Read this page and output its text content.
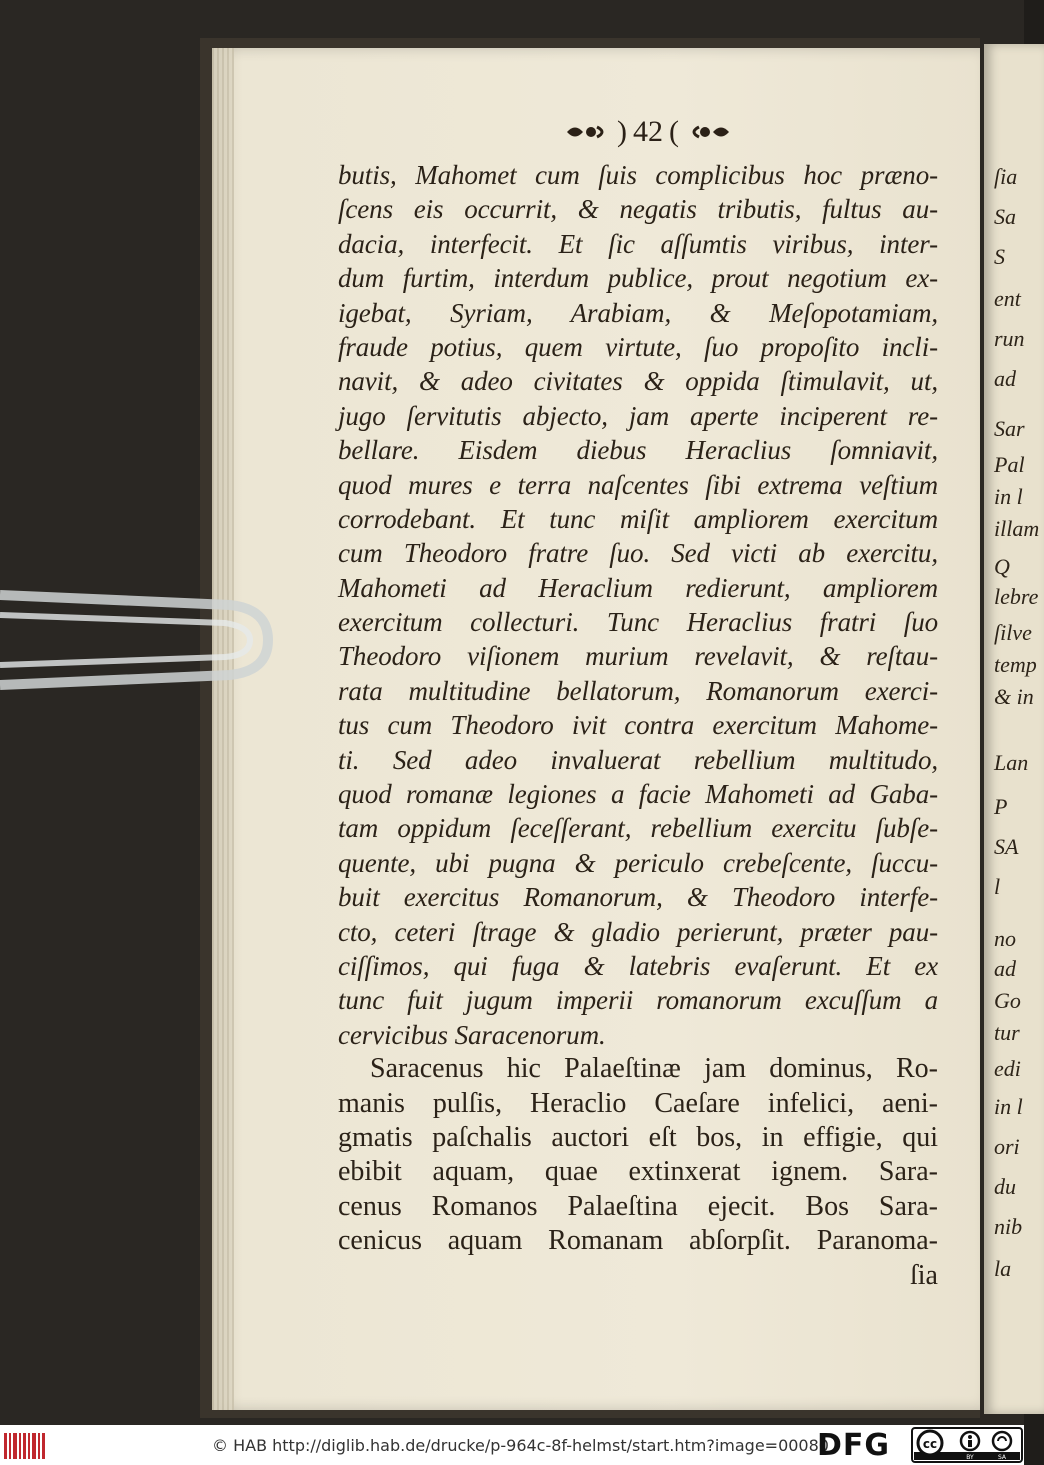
ſia
Sa
S
ent
run
ad
Sar
Pal
in l
illam
Q
lebre
ſilve
temp
& in
Lan
P
SA
l
no
ad
Go
tur
edi
in l
ori
du
nib
la
) 42 (
butis, Mahomet cum ſuis complicibus hoc præno-
ſcens eis occurrit, & negatis tributis, fultus au-
dacia, interfecit. Et ſic aſſumtis viribus, inter-
dum furtim, interdum publice, prout negotium ex-
igebat, Syriam, Arabiam, & Meſopotamiam,
fraude potius, quem virtute, ſuo propoſito incli-
navit, & adeo civitates & oppida ſtimulavit, ut,
jugo ſervitutis abjecto, jam aperte inciperent re-
bellare. Eisdem diebus Heraclius ſomniavit,
quod mures e terra naſcentes ſibi extrema veſtium
corrodebant. Et tunc miſit ampliorem exercitum
cum Theodoro fratre ſuo. Sed victi ab exercitu,
Mahometi ad Heraclium redierunt, ampliorem
exercitum collecturi. Tunc Heraclius fratri ſuo
Theodoro viſionem murium revelavit, & reſtau-
rata multitudine bellatorum, Romanorum exerci-
tus cum Theodoro ivit contra exercitum Mahome-
ti. Sed adeo invaluerat rebellium multitudo,
quod romanæ legiones a facie Mahometi ad Gaba-
tam oppidum ſeceſſerant, rebellium exercitu ſubſe-
quente, ubi pugna & periculo crebeſcente, ſuccu-
buit exercitus Romanorum, & Theodoro interfe-
cto, ceteri ſtrage & gladio perierunt, præter pau-
ciſſimos, qui fuga & latebris evaſerunt. Et ex
tunc fuit jugum imperii romanorum excuſſum a
cervicibus Saracenorum.
Saracenus hic Palaeſtinæ jam dominus, Ro-
manis pulſis, Heraclio Caeſare infelici, aeni-
gmatis paſchalis auctori eſt bos, in effigie, qui
ebibit aquam, quae extinxerat ignem. Sara-
cenus Romanos Palaeſtina ejecit. Bos Sara-
cenicus aquam Romanam abſorpſit. Paranoma-
ſia
© HAB http://diglib.hab.de/drucke/p-964c-8f-helmst/start.htm?image=00080
DFG	cc
BY	SA
